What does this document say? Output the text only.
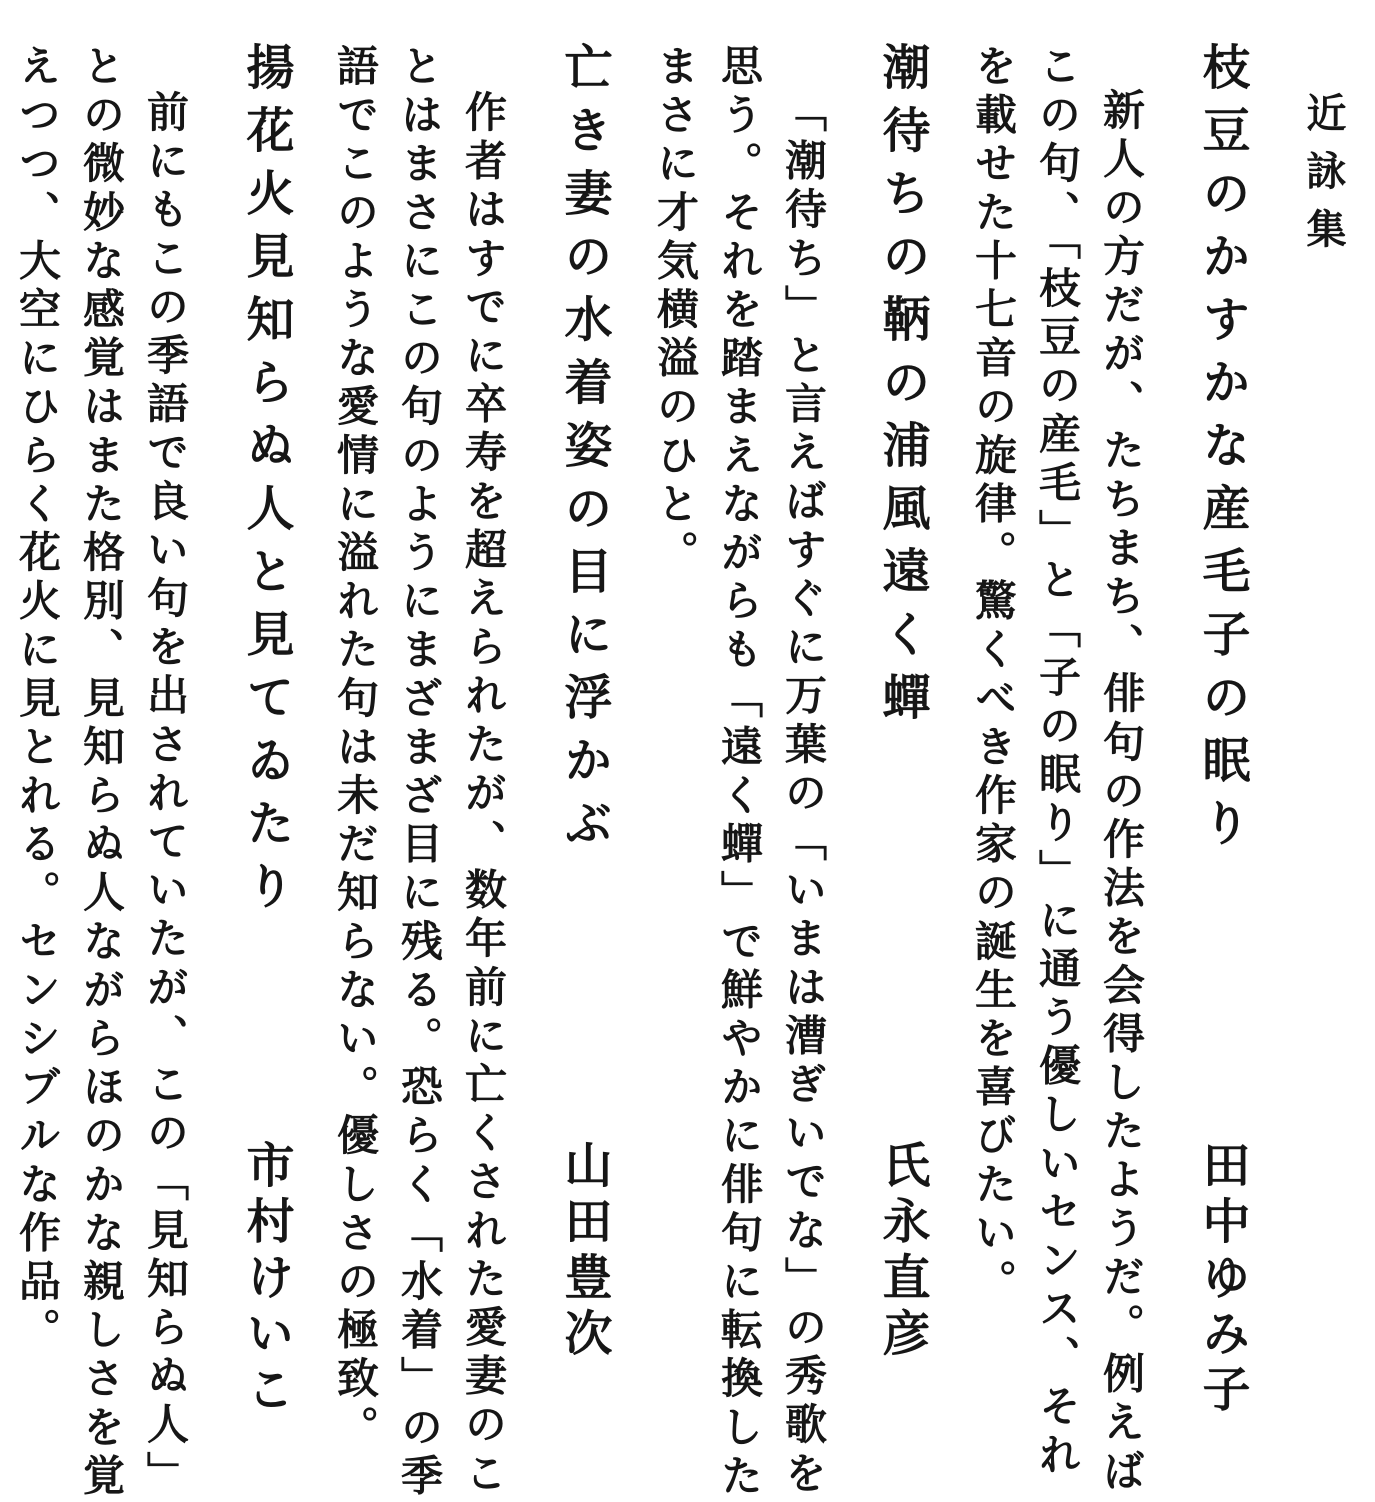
近詠集
枝豆のかすかな産毛子の眠り
田中ゆみ子
新人の方だが、たちまち、俳句の作法を会得したようだ。例えば
この句、「枝豆の産毛」と「子の眠り」に通う優しいセンス、それ
を載せた十七音の旋律。驚くべき作家の誕生を喜びたい。
潮待ちの鞆の浦風遠く蟬
氏永直彦
「潮待ち」と言えばすぐに万葉の「いまは漕ぎいでな」の秀歌を
思う。それを踏まえながらも「遠く蟬」で鮮やかに俳句に転換した
まさに才気横溢のひと。
亡き妻の水着姿の目に浮かぶ
山田豊次
作者はすでに卒寿を超えられたが、数年前に亡くされた愛妻のこ
とはまさにこの句のようにまざまざ目に残る。恐らく「水着」の季
語でこのような愛情に溢れた句は未だ知らない。優しさの極致。
揚花火見知らぬ人と見てゐたり
市村けいこ
前にもこの季語で良い句を出されていたが、この「見知らぬ人」
との微妙な感覚はまた格別、見知らぬ人ながらほのかな親しさを覚
えつつ、大空にひらく花火に見とれる。センシブルな作品。
